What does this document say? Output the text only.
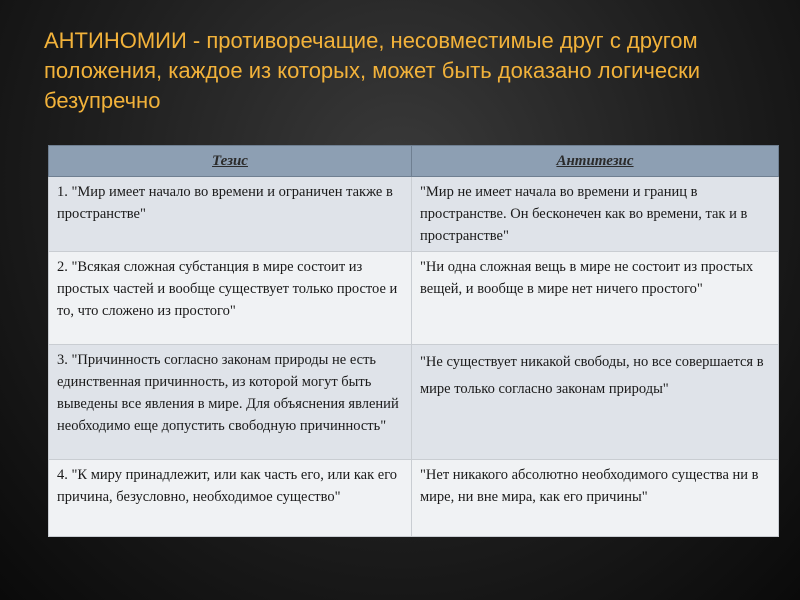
АНТИНОМИИ - противоречащие, несовместимые друг с другом положения, каждое из которых, может быть доказано логически безупречно
Тезис	Антитезис
1. "Мир имеет начало во времени и ограничен также в пространстве"	"Мир не имеет начала во времени и границ в пространстве. Он бесконечен как во времени, так и в пространстве"
2. "Всякая сложная субстанция в мире состоит из простых частей и вообще существует только простое и то, что сложено из простого"	"Ни одна сложная вещь в мире не состоит из простых вещей, и вообще в мире нет ничего простого"
3. "Причинность согласно законам природы не есть единственная причинность, из которой могут быть выведены все явления в мире. Для объяснения явлений необходимо еще допустить свободную причинность"	"Не существует никакой свободы, но все совершается в мире только согласно законам природы"
4. "К миру принадлежит, или как часть его, или как его причина, безусловно, необходимое существо"	"Нет никакого абсолютно необходимого существа ни в мире, ни вне мира, как его причины"
